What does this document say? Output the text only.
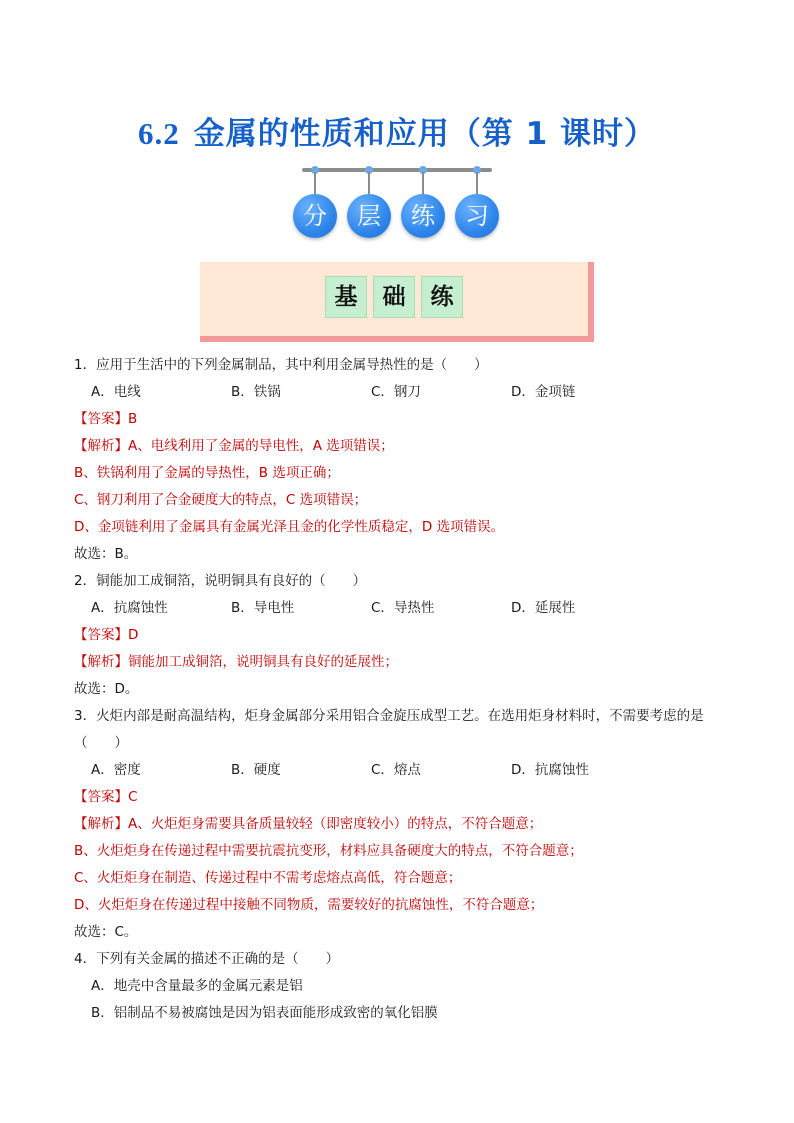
6.2 金属的性质和应用（第 1 课时）
分	层	练	习
基 础 练
1．应用于生活中的下列金属制品，其中利用金属导热性的是（　　）
A．电线	B．铁锅	C．钢刀	D．金项链
【答案】B
【解析】A、电线利用了金属的导电性，A 选项错误；
B、铁锅利用了金属的导热性，B 选项正确；
C、钢刀利用了合金硬度大的特点，C 选项错误；
D、金项链利用了金属具有金属光泽且金的化学性质稳定，D 选项错误。
故选：B。
2．铜能加工成铜箔，说明铜具有良好的（　　）
A．抗腐蚀性	B．导电性	C．导热性	D．延展性
【答案】D
【解析】铜能加工成铜箔，说明铜具有良好的延展性；
故选：D。
3．火炬内部是耐高温结构，炬身金属部分采用铝合金旋压成型工艺。在选用炬身材料时，不需要考虑的是
（　　）
A．密度	B．硬度	C．熔点	D．抗腐蚀性
【答案】C
【解析】A、火炬炬身需要具备质量较轻（即密度较小）的特点，不符合题意；
B、火炬炬身在传递过程中需要抗震抗变形，材料应具备硬度大的特点，不符合题意；
C、火炬炬身在制造、传递过程中不需考虑熔点高低，符合题意；
D、火炬炬身在传递过程中接触不同物质，需要较好的抗腐蚀性，不符合题意；
故选：C。
4．下列有关金属的描述不正确的是（　　）
A．地壳中含量最多的金属元素是铝
B．铝制品不易被腐蚀是因为铝表面能形成致密的氧化铝膜
